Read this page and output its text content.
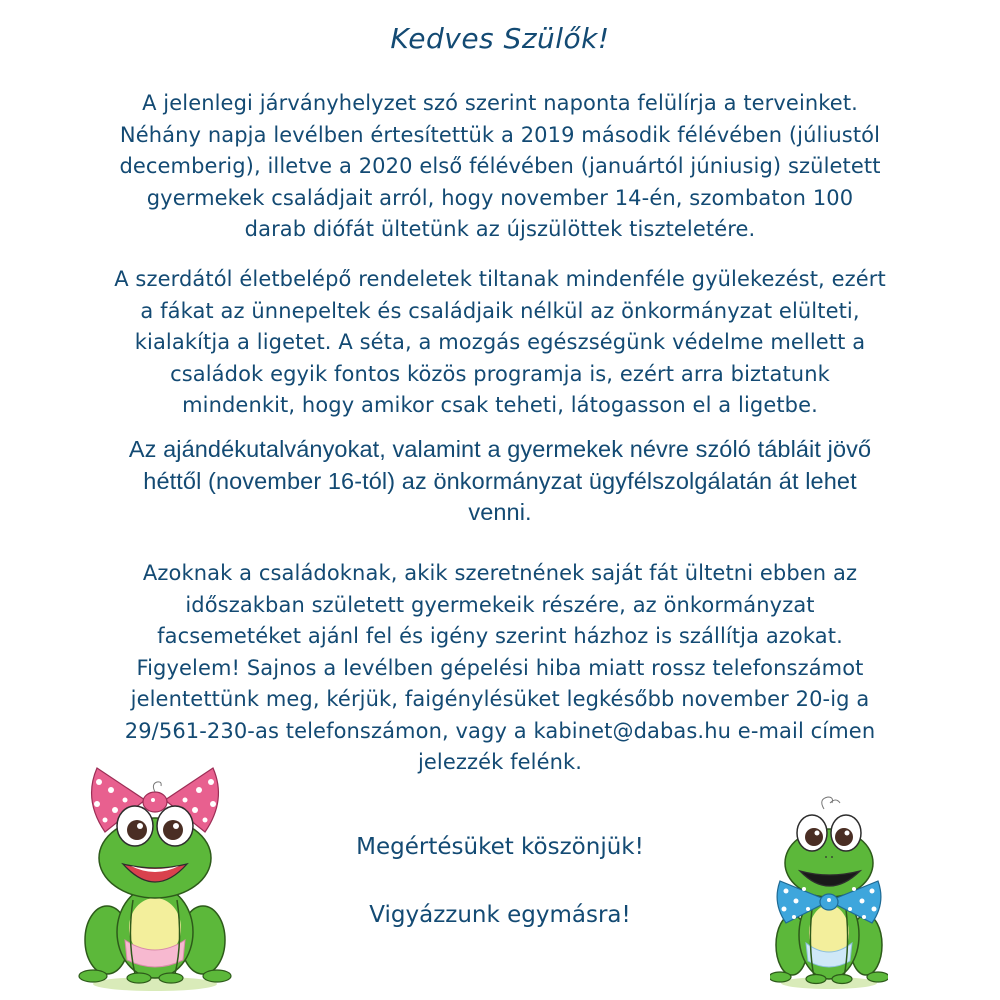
Kedves Szülők!
A jelenlegi járványhelyzet szó szerint naponta felülírja a terveinket.
Néhány napja levélben értesítettük a 2019 második félévében (júliustól
decemberig), illetve a 2020 első félévében (januártól júniusig) született
gyermekek családjait arról, hogy november 14-én, szombaton 100
darab diófát ültetünk az újszülöttek tiszteletére.
A szerdától életbelépő rendeletek tiltanak mindenféle gyülekezést, ezért
a fákat az ünnepeltek és családjaik nélkül az önkormányzat elülteti,
kialakítja a ligetet. A séta, a mozgás egészségünk védelme mellett a
családok egyik fontos közös programja is, ezért arra biztatunk
mindenkit, hogy amikor csak teheti, látogasson el a ligetbe.
Az ajándékutalványokat, valamint a gyermekek névre szóló tábláit jövő
héttől (november 16-tól) az önkormányzat ügyfélszolgálatán át lehet
venni.
Azoknak a családoknak, akik szeretnének saját fát ültetni ebben az
időszakban született gyermekeik részére, az önkormányzat
facsemetéket ajánl fel és igény szerint házhoz is szállítja azokat.
Figyelem! Sajnos a levélben gépelési hiba miatt rossz telefonszámot
jelentettünk meg, kérjük, faigénylésüket legkésőbb november 20-ig a
29/561-230-as telefonszámon, vagy a kabinet@dabas.hu e-mail címen
jelezzék felénk.
Megértésüket köszönjük!
Vigyázzunk egymásra!
